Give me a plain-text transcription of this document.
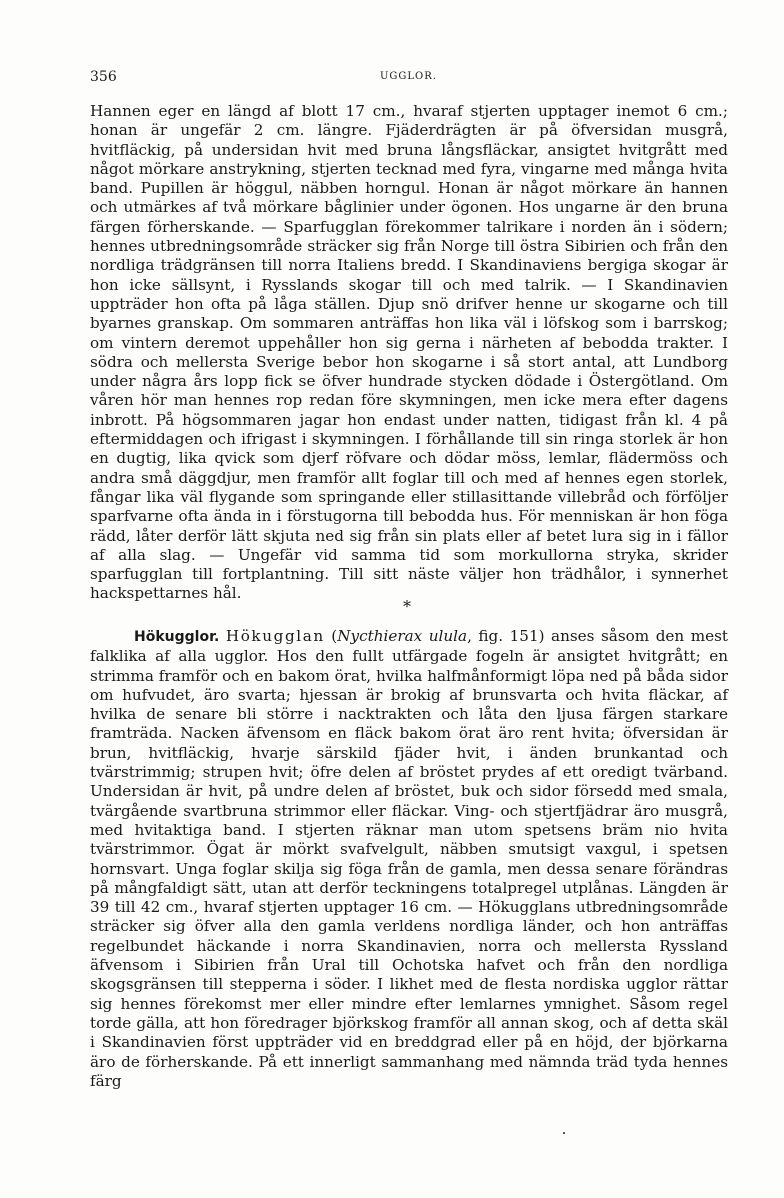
356	UGGLOR.

Hannen eger en längd af blott 17 cm., hvaraf stjerten upptager inemot 6 cm.; honan är ungefär 2 cm. längre. Fjäderdrägten är på öfversidan musgrå, hvitfläckig, på undersidan hvit med bruna långsfläckar, ansigtet hvitgrått med något mörkare anstrykning, stjerten tecknad med fyra, vingarne med många hvita band. Pupillen är höggul, näbben horngul. Honan är något mörkare än hannen och utmärkes af två mörkare båglinier under ögonen. Hos ungarne är den bruna färgen förherskande. — Sparfugglan förekommer talrikare i norden än i södern; hennes utbredningsområde sträcker sig från Norge till östra Sibirien och från den nordliga trädgränsen till norra Italiens bredd. I Skandinaviens bergiga skogar är hon icke sällsynt, i Rysslands skogar till och med talrik. — I Skandinavien uppträder hon ofta på låga ställen. Djup snö drifver henne ur skogarne och till byarnes granskap. Om sommaren anträffas hon lika väl i löfskog som i barrskog; om vintern deremot uppehåller hon sig gerna i närheten af bebodda trakter. I södra och mellersta Sverige bebor hon skogarne i så stort antal, att Lundborg under några års lopp fick se öfver hundrade stycken dödade i Östergötland. Om våren hör man hennes rop redan före skymningen, men icke mera efter dagens inbrott. På högsommaren jagar hon endast under natten, tidigast från kl. 4 på eftermiddagen och ifrigast i skymningen. I förhållande till sin ringa storlek är hon en dugtig, lika qvick som djerf röfvare och dödar möss, lemlar, flädermöss och andra små däggdjur, men framför allt foglar till och med af hennes egen storlek, fångar lika väl flygande som springande eller stillasittande villebråd och förföljer sparfvarne ofta ända in i förstugorna till bebodda hus. För menniskan är hon föga rädd, låter derför lätt skjuta ned sig från sin plats eller af betet lura sig in i fällor af alla slag. — Ungefär vid samma tid som morkullorna stryka, skrider sparfugglan till fortplantning. Till sitt näste väljer hon trädhålor, i synnerhet hackspettarnes hål.

*

Hökugglor. Hökugglan (Nycthierax ulula, fig. 151) anses såsom den mest falklika af alla ugglor. Hos den fullt utfärgade fogeln är ansigtet hvitgrått; en strimma framför och en bakom örat, hvilka halfmånformigt löpa ned på båda sidor om hufvudet, äro svarta; hjessan är brokig af brunsvarta och hvita fläckar, af hvilka de senare bli större i nacktrakten och låta den ljusa färgen starkare framträda. Nacken äfvensom en fläck bakom örat äro rent hvita; öfversidan är brun, hvitfläckig, hvarje särskild fjäder hvit, i änden brunkantad och tvärstrimmig; strupen hvit; öfre delen af bröstet prydes af ett oredigt tvärband. Undersidan är hvit, på undre delen af bröstet, buk och sidor försedd med smala, tvärgående svartbruna strimmor eller fläckar. Ving- och stjertfjädrar äro musgrå, med hvitaktiga band. I stjerten räknar man utom spetsens bräm nio hvita tvärstrimmor. Ögat är mörkt svafvelgult, näbben smutsigt vaxgul, i spetsen hornsvart. Unga foglar skilja sig föga från de gamla, men dessa senare förändras på mångfaldigt sätt, utan att derför teckningens totalpregel utplånas. Längden är 39 till 42 cm., hvaraf stjerten upptager 16 cm. — Hökugglans utbredningsområde sträcker sig öfver alla den gamla verldens nordliga länder, och hon anträffas regelbundet häckande i norra Skandinavien, norra och mellersta Ryssland äfvensom i Sibirien från Ural till Ochotska hafvet och från den nordliga skogsgränsen till stepperna i söder. I likhet med de flesta nordiska ugglor rättar sig hennes förekomst mer eller mindre efter lemlarnes ymnighet. Såsom regel torde gälla, att hon föredrager björkskog framför all annan skog, och af detta skäl i Skandinavien först uppträder vid en breddgrad eller på en höjd, der björkarna äro de förherskande. På ett innerligt sammanhang med nämnda träd tyda hennes färg
